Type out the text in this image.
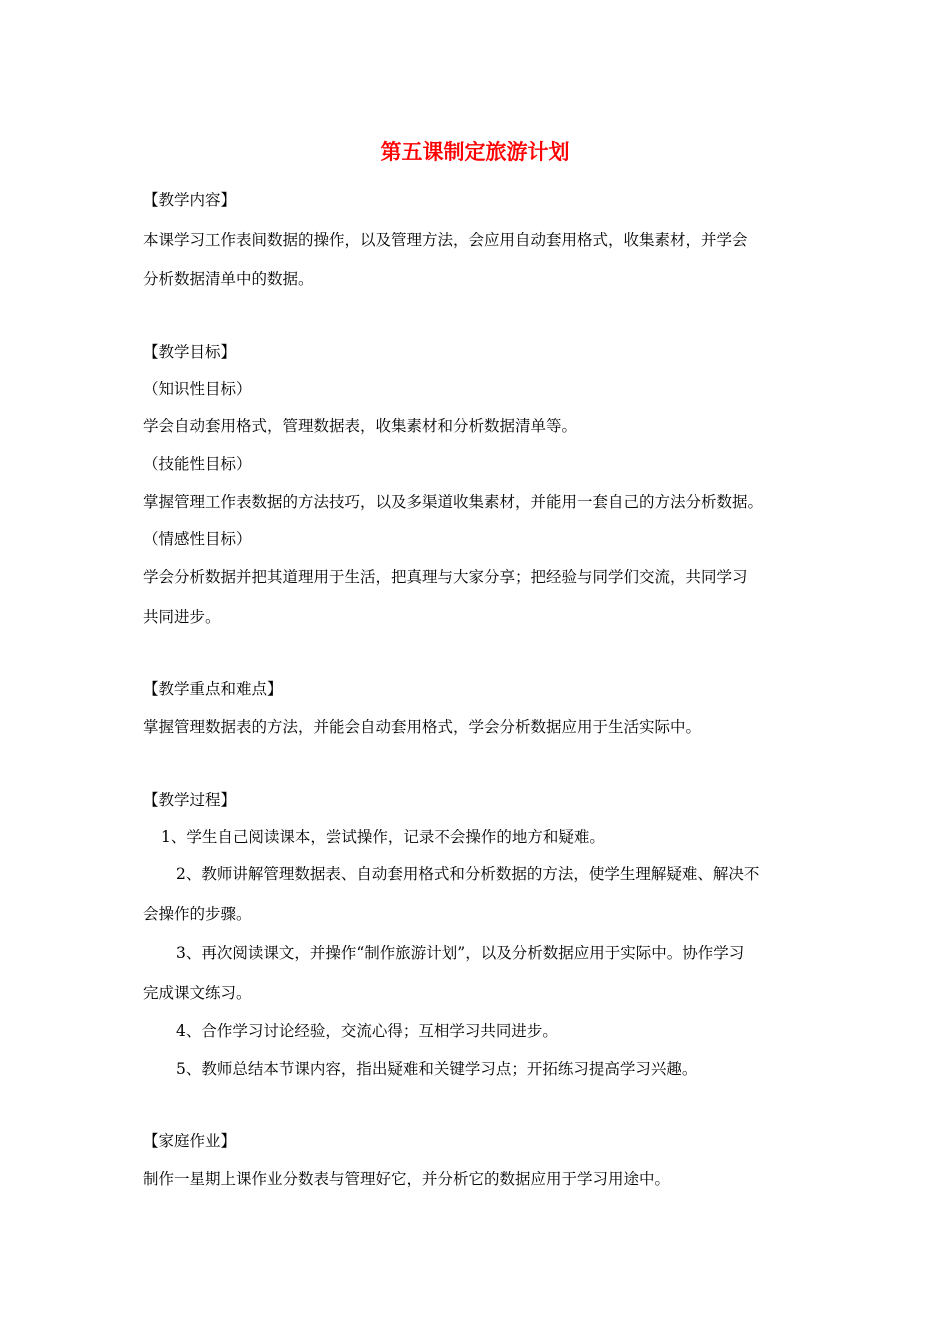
第五课制定旅游计划
【教学内容】
本课学习工作表间数据的操作，以及管理方法，会应用自动套用格式，收集素材，并学会
分析数据清单中的数据。
【教学目标】
（知识性目标）
学会自动套用格式，管理数据表，收集素材和分析数据清单等。
（技能性目标）
掌握管理工作表数据的方法技巧，以及多渠道收集素材，并能用一套自己的方法分析数据。
（情感性目标）
学会分析数据并把其道理用于生活，把真理与大家分享；把经验与同学们交流，共同学习
共同进步。
【教学重点和难点】
掌握管理数据表的方法，并能会自动套用格式，学会分析数据应用于生活实际中。
【教学过程】
1、学生自己阅读课本，尝试操作，记录不会操作的地方和疑难。
2、教师讲解管理数据表、自动套用格式和分析数据的方法，使学生理解疑难、解决不
会操作的步骤。
3、再次阅读课文，并操作“制作旅游计划”，以及分析数据应用于实际中。协作学习
完成课文练习。
4、合作学习讨论经验，交流心得；互相学习共同进步。
5、教师总结本节课内容，指出疑难和关键学习点；开拓练习提高学习兴趣。
【家庭作业】
制作一星期上课作业分数表与管理好它，并分析它的数据应用于学习用途中。
